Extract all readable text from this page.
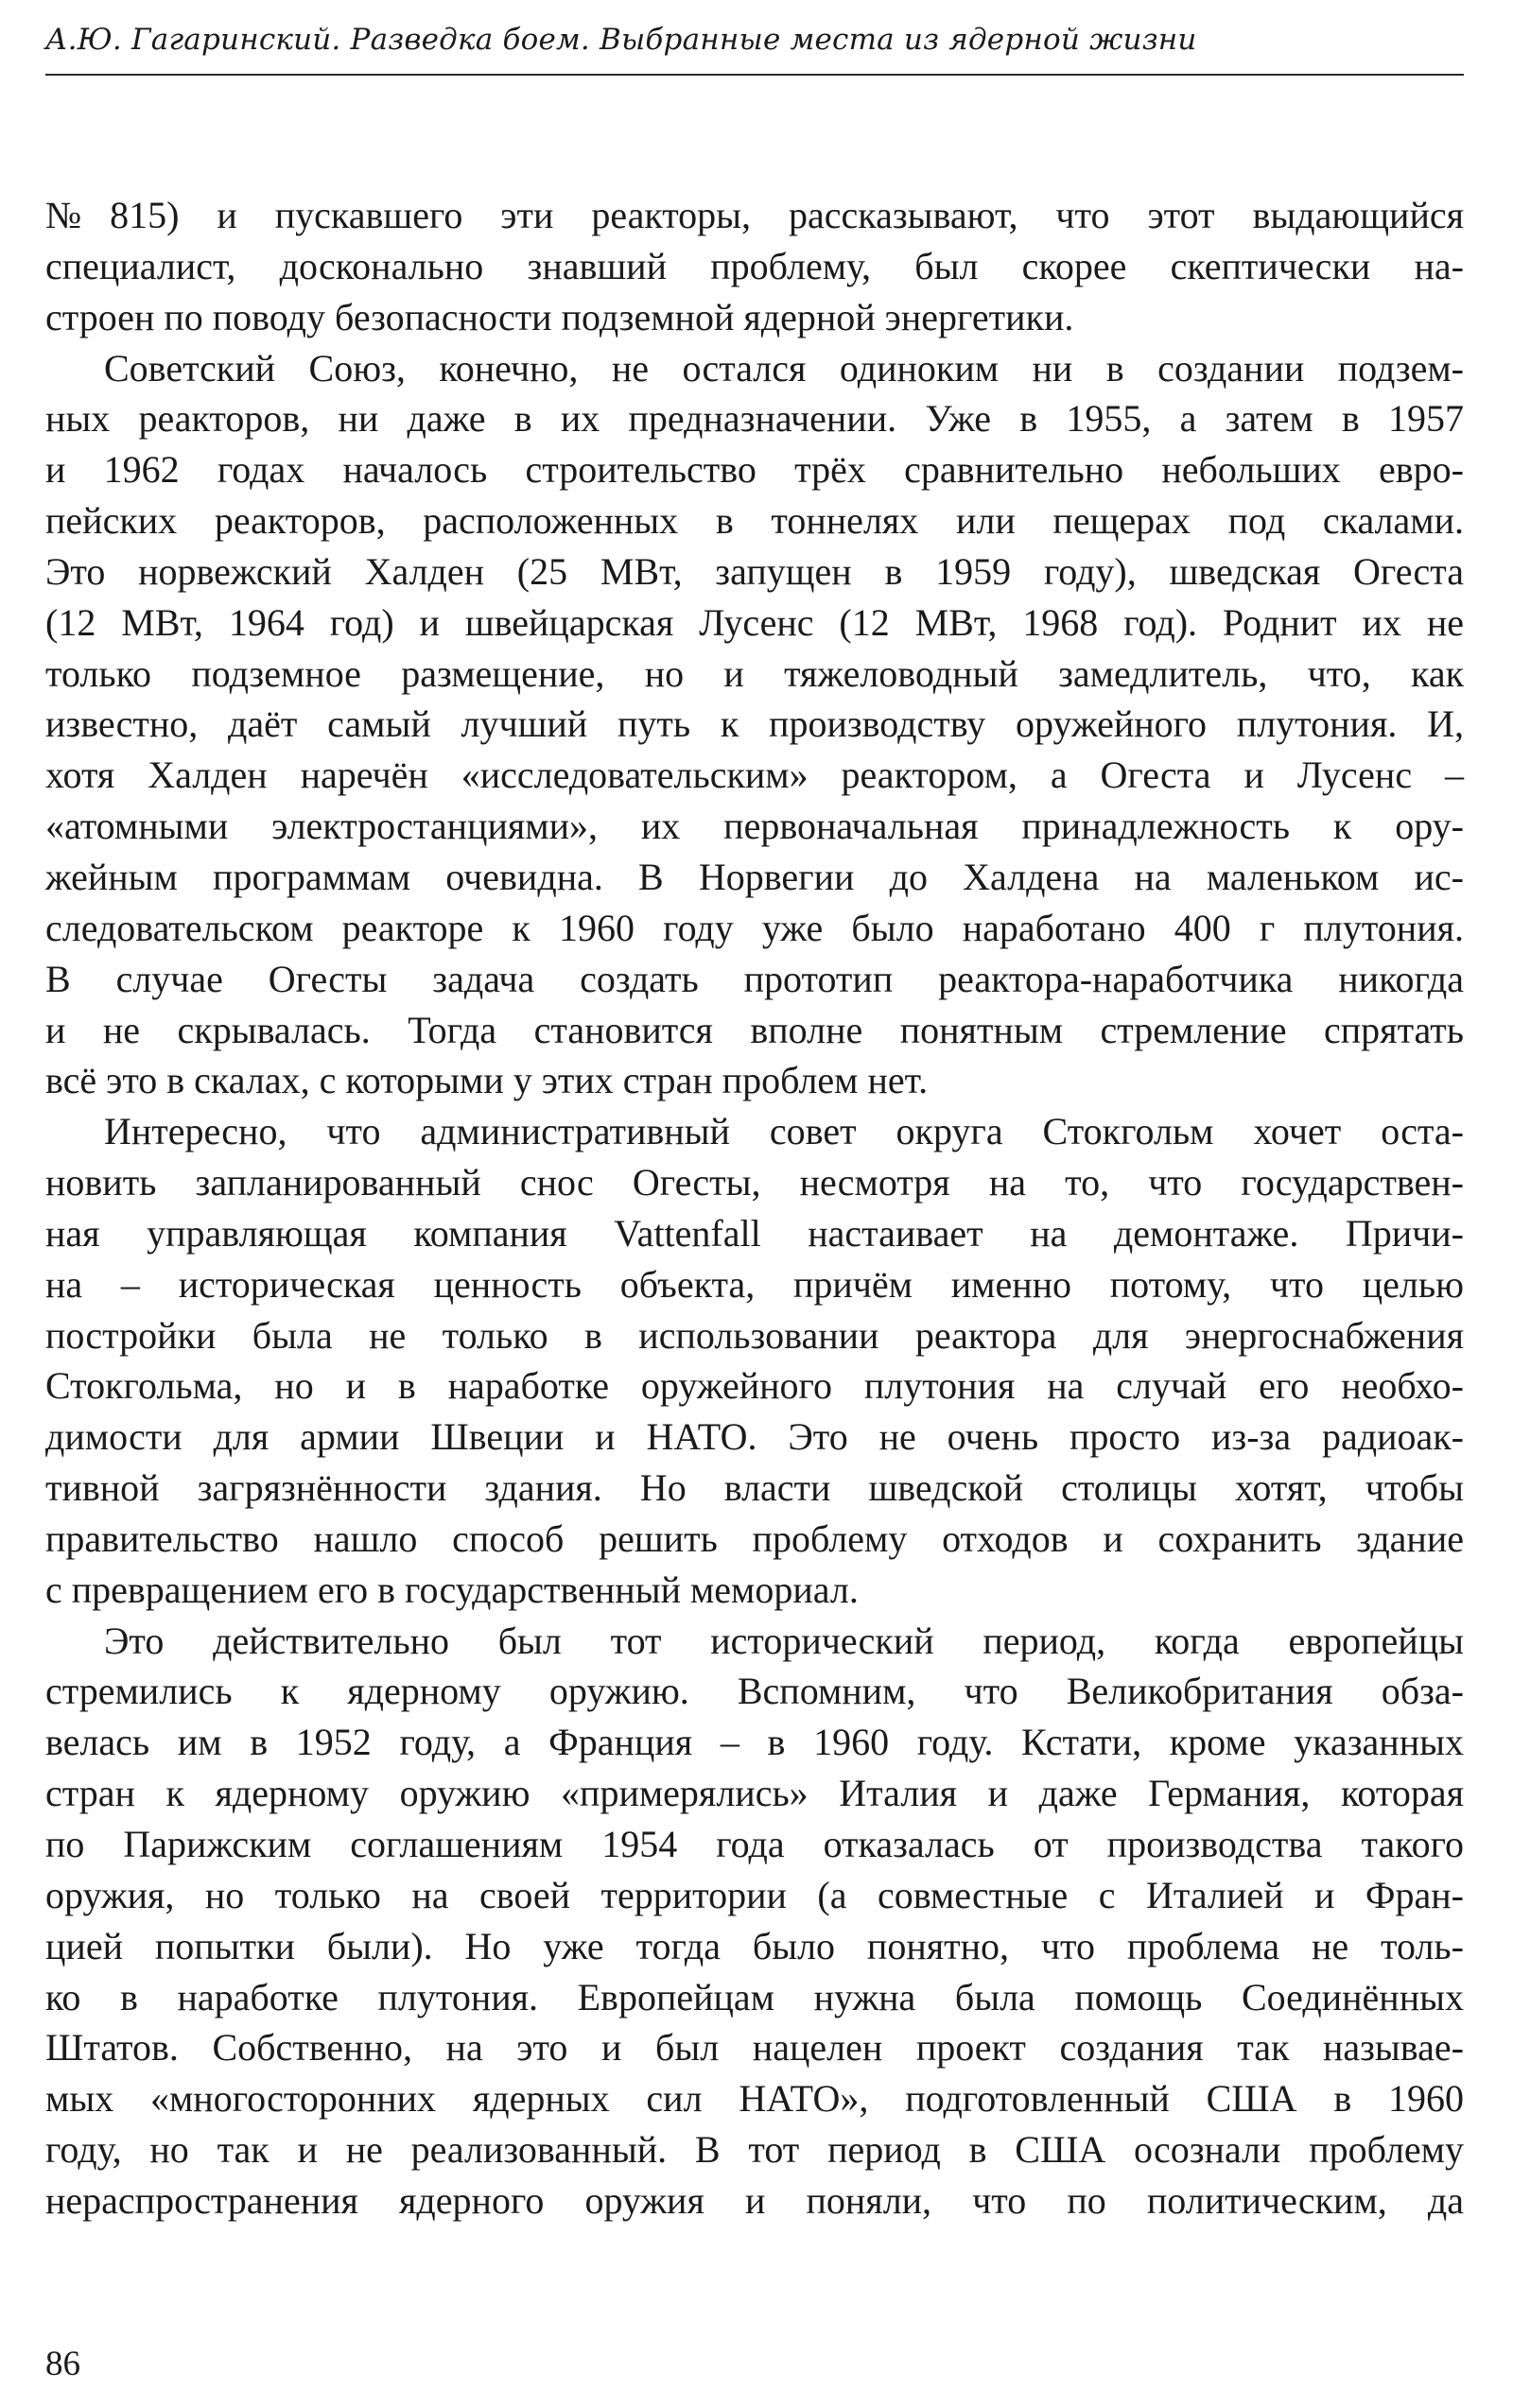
А.Ю. Гагаринский. Разведка боем. Выбранные места из ядерной жизни
№815) и пускавшего эти реакторы, рассказывают, что этот выдающийся
специалист, досконально знавший проблему, был скорее скептически на-
строен по поводу безопасности подземной ядерной энергетики.
Советский Союз, конечно, не остался одиноким ни в создании подзем-
ных реакторов, ни даже в их предназначении. Уже в 1955, а затем в 1957
и 1962 годах началось строительство трёх сравнительно небольших евро-
пейских реакторов, расположенных в тоннелях или пещерах под скалами.
Это норвежский Халден (25 МВт, запущен в 1959 году), шведская Огеста
(12 МВт, 1964 год) и швейцарская Лусенс (12 МВт, 1968 год). Роднит их не
только подземное размещение, но и тяжеловодный замедлитель, что, как
известно, даёт самый лучший путь к производству оружейного плутония. И,
хотя Халден наречён «исследовательским» реактором, а Огеста и Лусенс –
«атомными электростанциями», их первоначальная принадлежность к ору-
жейным программам очевидна. В Норвегии до Халдена на маленьком ис-
следовательском реакторе к 1960 году уже было наработано 400 г плутония.
В случае Огесты задача создать прототип реактора-наработчика никогда
и не скрывалась. Тогда становится вполне понятным стремление спрятать
всё это в скалах, с которыми у этих стран проблем нет.
Интересно, что административный совет округа Стокгольм хочет оста-
новить запланированный снос Огесты, несмотря на то, что государствен-
ная управляющая компания Vattenfall настаивает на демонтаже. Причи-
на – историческая ценность объекта, причём именно потому, что целью
постройки была не только в использовании реактора для энергоснабжения
Стокгольма, но и в наработке оружейного плутония на случай его необхо-
димости для армии Швеции и НАТО. Это не очень просто из-за радиоак-
тивной загрязнённости здания. Но власти шведской столицы хотят, чтобы
правительство нашло способ решить проблему отходов и сохранить здание
с превращением его в государственный мемориал.
Это действительно был тот исторический период, когда европейцы
стремились к ядерному оружию. Вспомним, что Великобритания обза-
велась им в 1952 году, а Франция – в 1960 году. Кстати, кроме указанных
стран к ядерному оружию «примерялись» Италия и даже Германия, которая
по Парижским соглашениям 1954 года отказалась от производства такого
оружия, но только на своей территории (а совместные с Италией и Фран-
цией попытки были). Но уже тогда было понятно, что проблема не толь-
ко в наработке плутония. Европейцам нужна была помощь Соединённых
Штатов. Собственно, на это и был нацелен проект создания так называе-
мых «многосторонних ядерных сил НАТО», подготовленный США в 1960
году, но так и не реализованный. В тот период в США осознали проблему
нераспространения ядерного оружия и поняли, что по политическим, да
86
